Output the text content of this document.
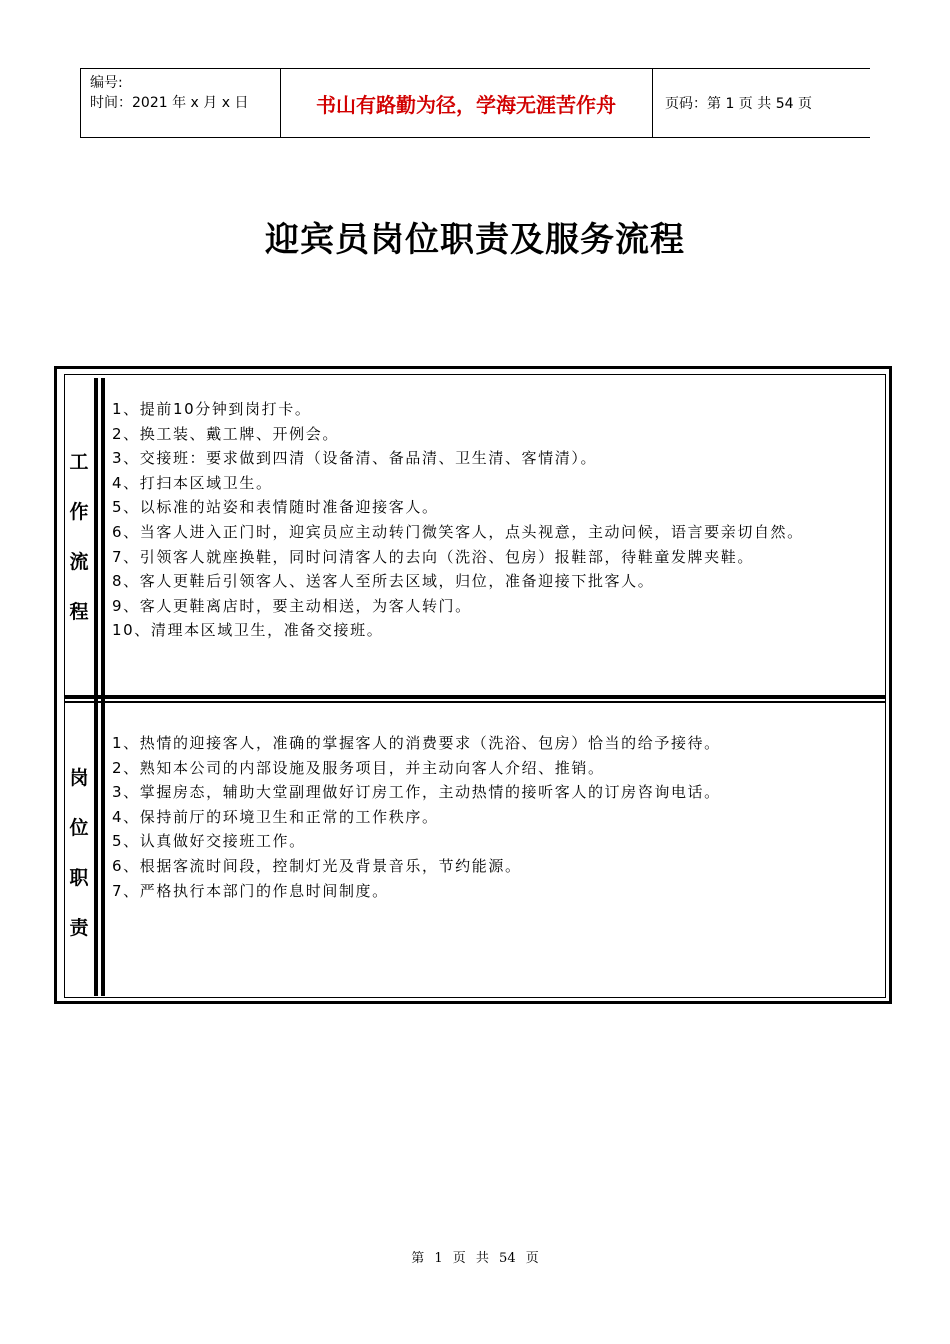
编号:
时间：2021 年 x 月 x 日	书山有路勤为径，学海无涯苦作舟	页码：第 1 页 共 54 页
迎宾员岗位职责及服务流程
工
作
流
程
1、提前10分钟到岗打卡。
2、换工装、戴工牌、开例会。
3、交接班：要求做到四清（设备清、备品清、卫生清、客情清）。
4、打扫本区域卫生。
5、以标准的站姿和表情随时准备迎接客人。
6、当客人进入正门时，迎宾员应主动转门微笑客人，点头视意，主动问候，语言要亲切自然。
7、引领客人就座换鞋，同时问清客人的去向（洗浴、包房）报鞋部，待鞋童发牌夹鞋。
8、客人更鞋后引领客人、送客人至所去区域，归位，准备迎接下批客人。
9、客人更鞋离店时，要主动相送，为客人转门。
10、清理本区域卫生，准备交接班。
岗
位
职
责
1、热情的迎接客人，准确的掌握客人的消费要求（洗浴、包房）恰当的给予接待。
2、熟知本公司的内部设施及服务项目，并主动向客人介绍、推销。
3、掌握房态，辅助大堂副理做好订房工作，主动热情的接听客人的订房咨询电话。
4、保持前厅的环境卫生和正常的工作秩序。
5、认真做好交接班工作。
6、根据客流时间段，控制灯光及背景音乐，节约能源。
7、严格执行本部门的作息时间制度。
第 1 页 共 54 页
